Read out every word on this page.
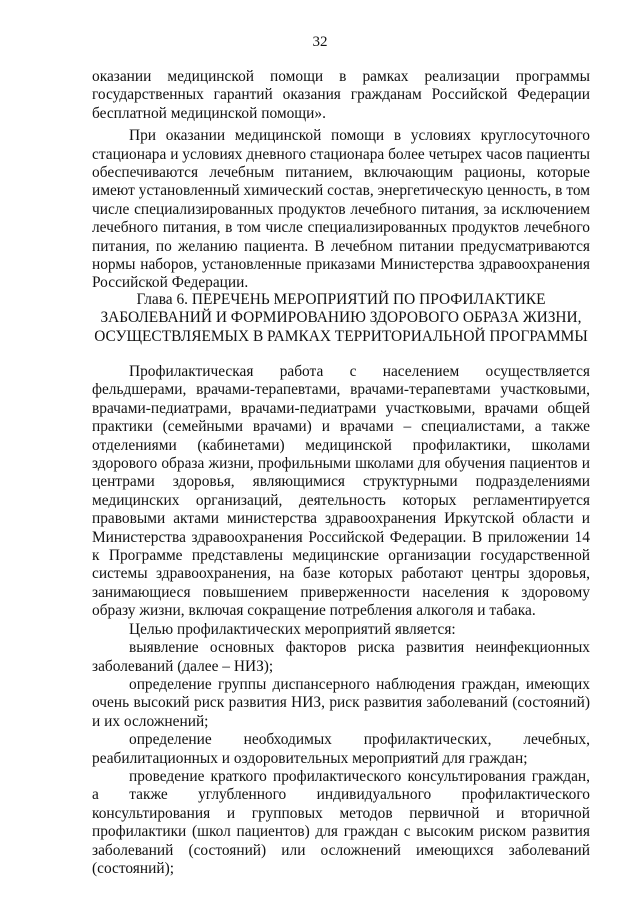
32

оказании медицинской помощи в рамках реализации программы государственных гарантий оказания гражданам Российской Федерации бесплатной медицинской помощи».

При оказании медицинской помощи в условиях круглосуточного стационара и условиях дневного стационара более четырех часов пациенты обеспечиваются лечебным питанием, включающим рационы, которые имеют установленный химический состав, энергетическую ценность, в том числе специализированных продуктов лечебного питания, за исключением лечебного питания, в том числе специализированных продуктов лечебного питания, по желанию пациента. В лечебном питании предусматриваются нормы наборов, установленные приказами Министерства здравоохранения Российской Федерации.

Глава 6. ПЕРЕЧЕНЬ МЕРОПРИЯТИЙ ПО ПРОФИЛАКТИКЕ

ЗАБОЛЕВАНИЙ И ФОРМИРОВАНИЮ ЗДОРОВОГО ОБРАЗА ЖИЗНИ,

ОСУЩЕСТВЛЯЕМЫХ В РАМКАХ ТЕРРИТОРИАЛЬНОЙ ПРОГРАММЫ

Профилактическая работа с населением осуществляется фельдшерами, врачами-терапевтами, врачами-терапевтами участковыми, врачами-педиатрами, врачами-педиатрами участковыми, врачами общей практики (семейными врачами) и врачами – специалистами, а также отделениями (кабинетами) медицинской профилактики, школами здорового образа жизни, профильными школами для обучения пациентов и центрами здоровья, являющимися структурными подразделениями медицинских организаций, деятельность которых регламентируется правовыми актами министерства здравоохранения Иркутской области и Министерства здравоохранения Российской Федерации. В приложении 14 к Программе представлены медицинские организации государственной системы здравоохранения, на базе которых работают центры здоровья, занимающиеся повышением приверженности населения к здоровому образу жизни, включая сокращение потребления алкоголя и табака.

Целью профилактических мероприятий является:

выявление основных факторов риска развития неинфекционных заболеваний (далее – НИЗ);

определение группы диспансерного наблюдения граждан, имеющих очень высокий риск развития НИЗ, риск развития заболеваний (состояний) и их осложнений;

определение необходимых профилактических, лечебных, реабилитационных и оздоровительных мероприятий для граждан;

проведение краткого профилактического консультирования граждан, а также углубленного индивидуального профилактического консультирования и групповых методов первичной и вторичной профилактики (школ пациентов) для граждан с высоким риском развития заболеваний (состояний) или осложнений имеющихся заболеваний (состояний);
